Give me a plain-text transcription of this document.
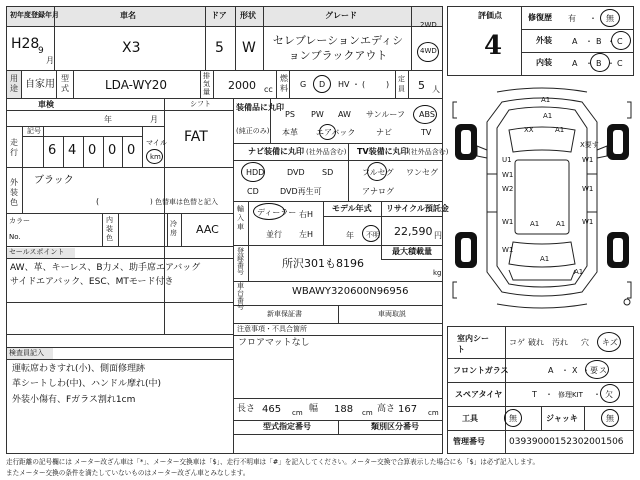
初年度登録年月	車名	ドア 形状	グレード
H28
9
月
X3	5 W	セレブレーションエディションブラックアウト
2WD
4WD
用途 自家用
型式	LDA-WY20
排気量 2000 cc
燃料 G D HV ・ (	)
定員 5 人
車検
年	月
シフト
FAT
走行
記号
6 4 0 0 0 マイル
km
外装色
ブラック
(	) 色替車は色替と記入
カラー
No.
内装色
冷房 AAC
セールスポイント
AW、革、キーレス、B力メ、助手席エアバッグ
サイドエアバック、ESC、MTモード付き
検査員記入
運転席わきすれ(小)、側面修理跡
革シートしわ(中)、ハンドル摩れ(中)
外装小傷有、Fガラス割れ1cm
装備品に丸印
(純正のみ)
PS PW AW サンルーフ ABS
本革 エアバック	ナビ	TV
ナビ装備に丸印 (社外品含む)
HDD	DVD SD
CD	DVD再生可
TV装備に丸印 (社外品含む)
フルセグ ワンセグ
アナログ
輸入車
ディーラー
並行
右H
左H
モデル年式
年 不明
リサイクル預託金
22,590 円
登録番号
所沢301も8196
最大積載量
kg
車台番号
WBAWY320600N96956
新車保証書	車両取説
注意事項・不具合箇所
フロアマットなし
長さ 465 cm 幅 188 cm 高さ 167 cm
型式指定番号	類別区分番号
評価点
4
修復歴 有 ・ 無
外装	A ・ B ・ C
内装	A ・ B ・ C
A1
A1
XX	A1
X要す
U1	W1
W1
W2	W1
W1 A1 A1 W1
W1
A1
A1
室内シート
コゲ 破れ 汚れ 穴 キズ
フロントガラス	A ・ X ・ 要 ス
スペアタイヤ	T ・ 修理KIT ・ 欠
工具	無	ジャッキ	無
管理番号	03939000152302001506
走行距離の記号欄には メーター改ざん車は「*」、メーター交換車は「$」、走行不明車は「#」を記入してください。メーター交換で合算表示した場合にも「$」は必ず記入します。
またメーター交換の条件を満たしていないものはメーター改ざん車とみなします。
